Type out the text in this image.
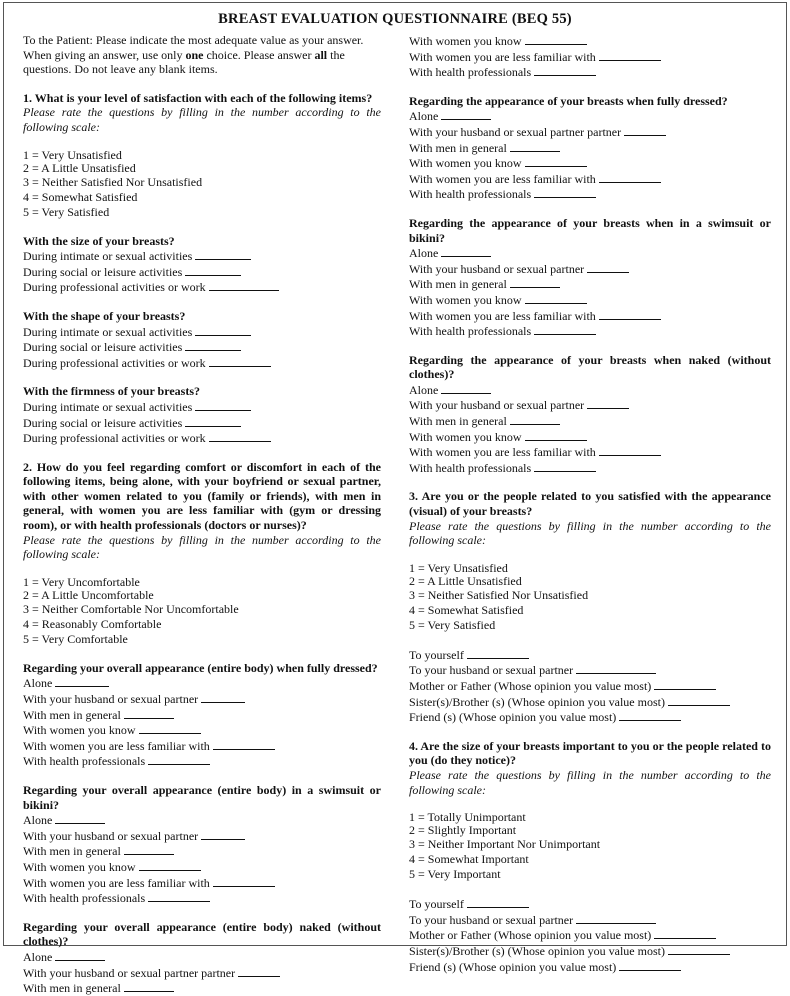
BREAST EVALUATION QUESTIONNAIRE (BEQ 55)
To the Patient: Please indicate the most adequate value as your answer.
When giving an answer, use only one choice. Please answer all the
questions. Do not leave any blank items.
1. What is your level of satisfaction with each of the following items?
Please rate the questions by filling in the number according to the following scale:
1 = Very Unsatisfied
2 = A Little Unsatisfied
3 = Neither Satisfied Nor Unsatisfied
4 = Somewhat Satisfied
5 = Very Satisfied
With the size of your breasts?
During intimate or sexual activities
During social or leisure activities
During professional activities or work
With the shape of your breasts?
During intimate or sexual activities
During social or leisure activities
During professional activities or work
With the firmness of your breasts?
During intimate or sexual activities
During social or leisure activities
During professional activities or work
2. How do you feel regarding comfort or discomfort in each of the following items, being alone, with your boyfriend or sexual partner, with other women related to you (family or friends), with men in general, with women you are less familiar with (gym or dressing room), or with health professionals (doctors or nurses)?
Please rate the questions by filling in the number according to the following scale:
1 = Very Uncomfortable
2 = A Little Uncomfortable
3 = Neither Comfortable Nor Uncomfortable
4 = Reasonably Comfortable
5 = Very Comfortable
Regarding your overall appearance (entire body) when fully dressed?
Alone
With your husband or sexual partner
With men in general
With women you know
With women you are less familiar with
With health professionals
Regarding your overall appearance (entire body) in a swimsuit or bikini?
Alone
With your husband or sexual partner
With men in general
With women you know
With women you are less familiar with
With health professionals
Regarding your overall appearance (entire body) naked (without clothes)?
Alone
With your husband or sexual partner partner
With men in general
With women you know
With women you are less familiar with
With health professionals
Regarding the appearance of your breasts when fully dressed?
Alone
With your husband or sexual partner partner
With men in general
With women you know
With women you are less familiar with
With health professionals
Regarding the appearance of your breasts when in a swimsuit or bikini?
Alone
With your husband or sexual partner
With men in general
With women you know
With women you are less familiar with
With health professionals
Regarding the appearance of your breasts when naked (without clothes)?
Alone
With your husband or sexual partner
With men in general
With women you know
With women you are less familiar with
With health professionals
3. Are you or the people related to you satisfied with the appearance (visual) of your breasts?
Please rate the questions by filling in the number according to the following scale:
1 = Very Unsatisfied
2 = A Little Unsatisfied
3 = Neither Satisfied Nor Unsatisfied
4 = Somewhat Satisfied
5 = Very Satisfied
To yourself
To your husband or sexual partner
Mother or Father (Whose opinion you value most)
Sister(s)/Brother (s) (Whose opinion you value most)
Friend (s) (Whose opinion you value most)
4. Are the size of your breasts important to you or the people related to you (do they notice)?
Please rate the questions by filling in the number according to the following scale:
1 = Totally Unimportant
2 = Slightly Important
3 = Neither Important Nor Unimportant
4 = Somewhat Important
5 = Very Important
To yourself
To your husband or sexual partner
Mother or Father (Whose opinion you value most)
Sister(s)/Brother (s) (Whose opinion you value most)
Friend (s) (Whose opinion you value most)
